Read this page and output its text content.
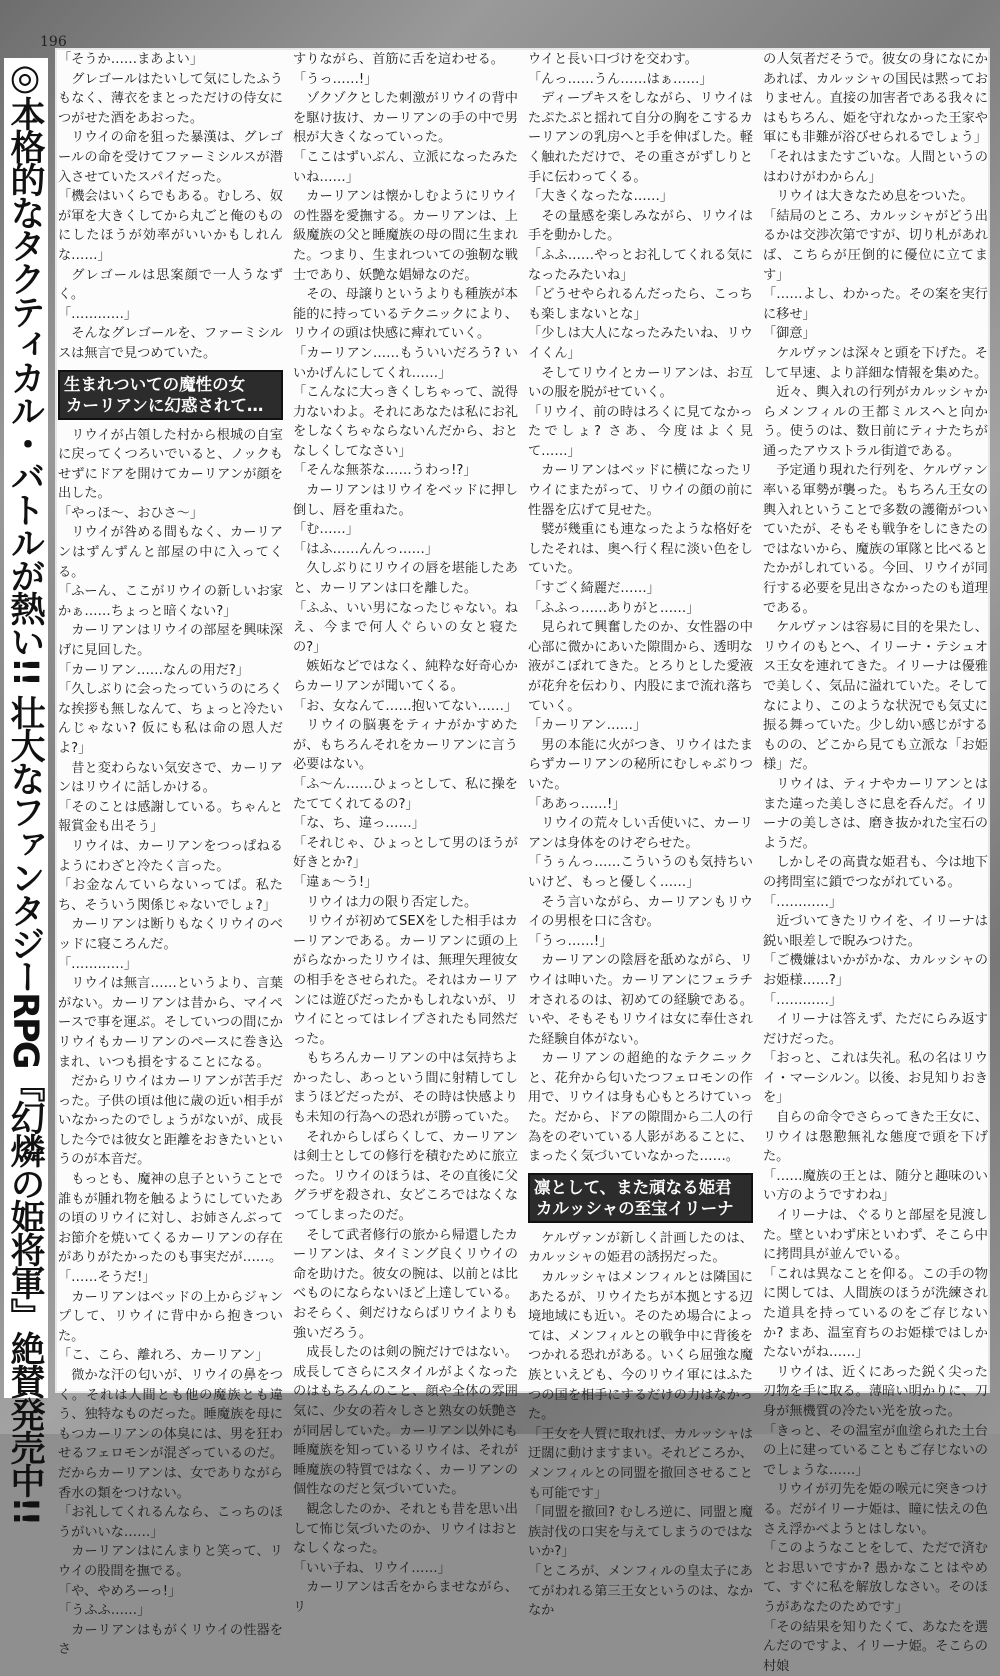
196
◎本格的なタクティカル・バトルが熱い!! 壮大なファンタジーRPG『幻燐の姫将軍』絶賛発売中!! 「そうか……まあよい」

グレゴールはたいして気にしたふうもなく、薄衣をまとっただけの侍女につがせた酒をあおった。

リウイの命を狙った暴漢は、グレゴールの命を受けてファーミシルスが潜入させていたスパイだった。

「機会はいくらでもある。むしろ、奴が軍を大きくしてから丸ごと俺のものにしたほうが効率がいいかもしれんな……」

グレゴールは思案顔で一人うなずく。

「…………」

そんなグレゴールを、ファーミシルスは無言で見つめていた。

生まれついての魔性の女
カーリアンに幻惑されて…

リウイが占領した村から根城の自室に戻ってくつろいでいると、ノックもせずにドアを開けてカーリアンが顔を出した。

「やっほ〜、おひさ〜」

リウイが咎める間もなく、カーリアンはずんずんと部屋の中に入ってくる。

「ふーん、ここがリウイの新しいお家かぁ……ちょっと暗くない?」

カーリアンはリウイの部屋を興味深げに見回した。

「カーリアン……なんの用だ?」

「久しぶりに会ったっていうのにろくな挨拶も無しなんて、ちょっと冷たいんじゃない? 仮にも私は命の恩人だよ?」

昔と変わらない気安さで、カーリアンはリウイに話しかける。

「そのことは感謝している。ちゃんと報賞金も出そう」

リウイは、カーリアンをつっぱねるようにわざと冷たく言った。

「お金なんていらないってば。私たち、そういう関係じゃないでしょ?」

カーリアンは断りもなくリウイのベッドに寝ころんだ。

「…………」

リウイは無言……というより、言葉がない。カーリアンは昔から、マイペースで事を運ぶ。そしていつの間にかリウイもカーリアンのペースに巻き込まれ、いつも損をすることになる。

だからリウイはカーリアンが苦手だった。子供の頃は他に歳の近い相手がいなかったのでしょうがないが、成長した今では彼女と距離をおきたいというのが本音だ。

もっとも、魔神の息子ということで誰もが腫れ物を触るようにしていたあの頃のリウイに対し、お姉さんぶってお節介を焼いてくるカーリアンの存在がありがたかったのも事実だが……。

「……そうだ!」

カーリアンはベッドの上からジャンプして、リウイに背中から抱きついた。

「こ、こら、離れろ、カーリアン」

微かな汗の匂いが、リウイの鼻をつく。それは人間とも他の魔族とも違う、独特なものだった。睡魔族を母にもつカーリアンの体臭には、男を狂わせるフェロモンが混ざっているのだ。だからカーリアンは、女でありながら香水の類をつけない。

「お礼してくれるんなら、こっちのほうがいいな……」

カーリアンはにんまりと笑って、リウイの股間を撫でる。

「や、やめろーっ!」

「うふふ……」

カーリアンはもがくリウイの性器をさ

すりながら、首筋に舌を這わせる。

「うっ……!」

ゾクゾクとした刺激がリウイの背中を駆け抜け、カーリアンの手の中で男根が大きくなっていった。

「ここはずいぶん、立派になったみたいね……」

カーリアンは懐かしむようにリウイの性器を愛撫する。カーリアンは、上級魔族の父と睡魔族の母の間に生まれた。つまり、生まれついての強靭な戦士であり、妖艶な娼婦なのだ。

その、母譲りというよりも種族が本能的に持っているテクニックにより、リウイの頭は快感に痺れていく。

「カーリアン……もういいだろう? いいかげんにしてくれ……」

「こんなに大っきくしちゃって、説得力ないわよ。それにあなたは私にお礼をしなくちゃならないんだから、おとなしくしてなさい」

「そんな無茶な……うわっ!?」

カーリアンはリウイをベッドに押し倒し、唇を重ねた。

「む……」

「はふ……んんっ……」

久しぶりにリウイの唇を堪能したあと、カーリアンは口を離した。

「ふふ、いい男になったじゃない。ねえ、今まで何人ぐらいの女と寝たの?」

嫉妬などではなく、純粋な好奇心からカーリアンが聞いてくる。

「お、女なんて……抱いてない……」

リウイの脳裏をティナがかすめたが、もちろんそれをカーリアンに言う必要はない。

「ふ〜ん……ひょっとして、私に操をたててくれてるの?」

「な、ち、違っ……」

「それじゃ、ひょっとして男のほうが好きとか?」

「違ぁ〜う!」

リウイは力の限り否定した。

リウイが初めてSEXをした相手はカーリアンである。カーリアンに頭の上がらなかったリウイは、無理矢理彼女の相手をさせられた。それはカーリアンには遊びだったかもしれないが、リウイにとってはレイプされたも同然だった。

もちろんカーリアンの中は気持ちよかったし、あっという間に射精してしまうほどだったが、その時は快感よりも未知の行為への恐れが勝っていた。

それからしばらくして、カーリアンは剣士としての修行を積むために旅立った。リウイのほうは、その直後に父グラザを殺され、女どころではなくなってしまったのだ。

そして武者修行の旅から帰還したカーリアンは、タイミング良くリウイの命を助けた。彼女の腕は、以前とは比べものにならないほど上達している。おそらく、剣だけならばリウイよりも強いだろう。

成長したのは剣の腕だけではない。成長してさらにスタイルがよくなったのはもちろんのこと、顔や全体の雰囲気に、少女の若々しさと熟女の妖艶さが同居していた。カーリアン以外にも睡魔族を知っているリウイは、それが睡魔族の特質ではなく、カーリアンの個性なのだと気づいていた。

観念したのか、それとも昔を思い出して怖じ気づいたのか、リウイはおとなしくなった。

「いい子ね、リウイ……」

カーリアンは舌をからませながら、リ

ウイと長い口づけを交わす。

「んっ……うん……はぁ……」

ディープキスをしながら、リウイはたぷたぷと揺れて自分の胸をこするカーリアンの乳房へと手を伸ばした。軽く触れただけで、その重さがずしりと手に伝わってくる。

「大きくなったな……」

その量感を楽しみながら、リウイは手を動かした。

「ふふ……やっとお礼してくれる気になったみたいね」

「どうせやられるんだったら、こっちも楽しまないとな」

「少しは大人になったみたいね、リウイくん」

そしてリウイとカーリアンは、お互いの服を脱がせていく。

「リウイ、前の時はろくに見てなかったでしょ? さあ、今度はよく見て……」

カーリアンはベッドに横になったリウイにまたがって、リウイの顔の前に性器を広げて見せた。

襞が幾重にも連なったような格好をしたそれは、奥へ行く程に淡い色をしていた。

「すごく綺麗だ……」

「ふふっ……ありがと……」

見られて興奮したのか、女性器の中心部に微かにあいた隙間から、透明な液がこぼれてきた。とろりとした愛液が花弁を伝わり、内股にまで流れ落ちていく。

「カーリアン……」

男の本能に火がつき、リウイはたまらずカーリアンの秘所にむしゃぶりついた。

「ああっ……!」

リウイの荒々しい舌使いに、カーリアンは身体をのけぞらせた。

「うぅんっ……こういうのも気持ちいいけど、もっと優しく……」

そう言いながら、カーリアンもリウイの男根を口に含む。

「うっ……!」

カーリアンの陰唇を舐めながら、リウイは呻いた。カーリアンにフェラチオされるのは、初めての経験である。いや、そもそもリウイは女に奉仕された経験自体がない。

カーリアンの超絶的なテクニックと、花弁から匂いたつフェロモンの作用で、リウイは身も心もとろけていった。だから、ドアの隙間から二人の行為をのぞいている人影があることに、まったく気づいていなかった……。

凛として、また頑なる姫君
カルッシャの至宝イリーナ

ケルヴァンが新しく計画したのは、カルッシャの姫君の誘拐だった。

カルッシャはメンフィルとは隣国にあたるが、リウイたちが本拠とする辺境地域にも近い。そのため場合によっては、メンフィルとの戦争中に背後をつかれる恐れがある。いくら屈強な魔族といえども、今のリウイ軍にはふたつの国を相手にするだけの力はなかった。

「王女を人質に取れば、カルッシャは迂闊に動けますまい。それどころか、メンフィルとの同盟を撤回させることも可能です」

「同盟を撤回? むしろ逆に、同盟と魔族討伐の口実を与えてしまうのではないか?」

「ところが、メンフィルの皇太子にあてがわれる第三王女というのは、なかなか

の人気者だそうで。彼女の身になにかあれば、カルッシャの国民は黙っておりません。直接の加害者である我々にはもちろん、姫を守れなかった王家や軍にも非難が浴びせられるでしょう」

「それはまたすごいな。人間というのはわけがわからん」

リウイは大きなため息をついた。

「結局のところ、カルッシャがどう出るかは交渉次第ですが、切り札があれば、こちらが圧倒的に優位に立てます」

「……よし、わかった。その案を実行に移せ」

「御意」

ケルヴァンは深々と頭を下げた。そして早速、より詳細な情報を集めた。

近々、輿入れの行列がカルッシャからメンフィルの王都ミルスへと向かう。使うのは、数日前にティナたちが通ったアウストラル街道である。

予定通り現れた行列を、ケルヴァン率いる軍勢が襲った。もちろん王女の輿入れということで多数の護衛がついていたが、そもそも戦争をしにきたのではないから、魔族の軍隊と比べるとたかがしれている。今回、リウイが同行する必要を見出さなかったのも道理である。

ケルヴァンは容易に目的を果たし、リウイのもとへ、イリーナ・テシュオス王女を連れてきた。イリーナは優雅で美しく、気品に溢れていた。そしてなにより、このような状況でも気丈に振る舞っていた。少し幼い感じがするものの、どこから見ても立派な「お姫様」だ。

リウイは、ティナやカーリアンとはまた違った美しさに息を呑んだ。イリーナの美しさは、磨き抜かれた宝石のようだ。

しかしその高貴な姫君も、今は地下の拷問室に鎖でつながれている。

「…………」

近づいてきたリウイを、イリーナは鋭い眼差しで睨みつけた。

「ご機嫌はいかがかな、カルッシャのお姫様……?」

「…………」

イリーナは答えず、ただにらみ返すだけだった。

「おっと、これは失礼。私の名はリウイ・マーシルン。以後、お見知りおきを」

自らの命令でさらってきた王女に、リウイは慇懃無礼な態度で頭を下げた。

「……魔族の王とは、随分と趣味のいい方のようですわね」

イリーナは、ぐるりと部屋を見渡した。壁といわず床といわず、そこら中に拷問具が並んでいる。

「これは異なことを仰る。この手の物に関しては、人間族のほうが洗練された道具を持っているのをご存じないか? まあ、温室育ちのお姫様ではしかたないがね……」

リウイは、近くにあった鋭く尖った刃物を手に取る。薄暗い明かりに、刀身が無機質の冷たい光を放った。

「きっと、その温室が血塗られた土台の上に建っていることもご存じないのでしょうな……」

リウイが刃先を姫の喉元に突きつける。だがイリーナ姫は、瞳に怯えの色さえ浮かべようとはしない。

「このようなことをして、ただで済むとお思いですか? 愚かなことはやめて、すぐに私を解放しなさい。そのほうがあなたのためです」

「その結果を知りたくて、あなたを選んだのですよ、イリーナ姫。そこらの村娘
